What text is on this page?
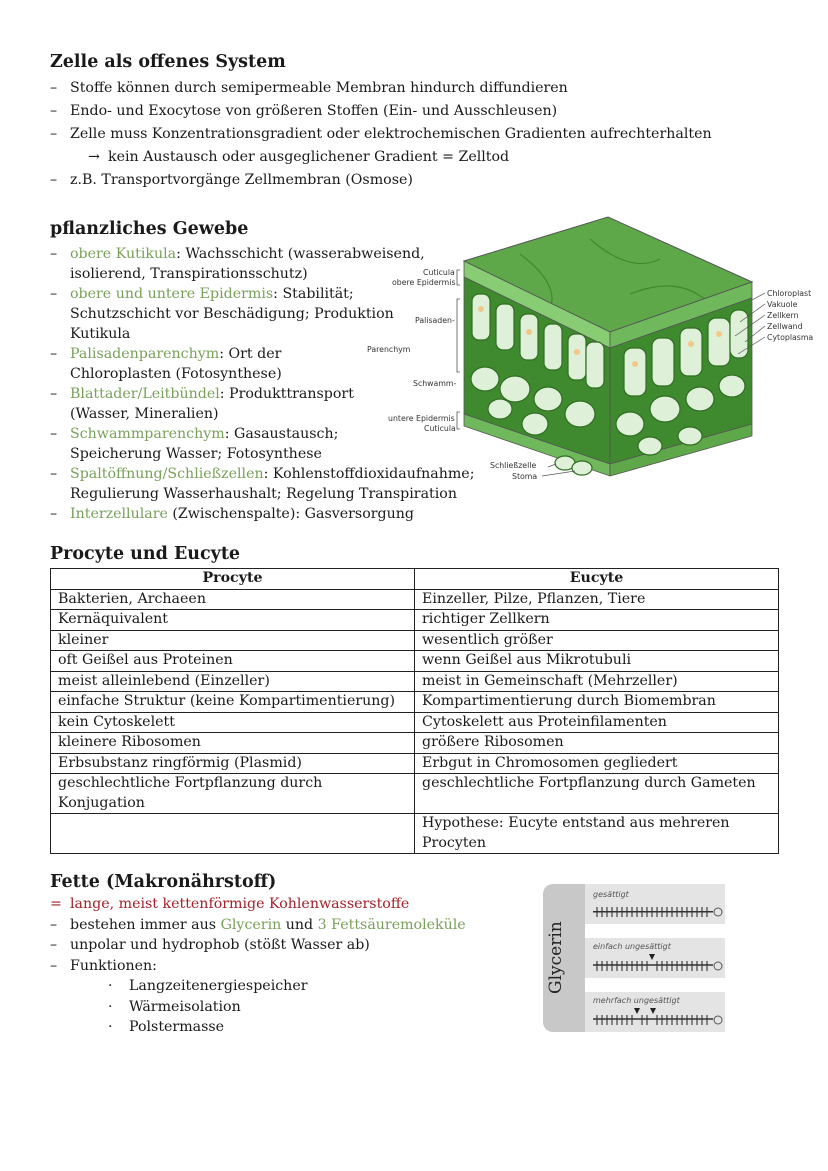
Zelle als offenes System
– Stoffe können durch semipermeable Membran hindurch diffundieren
– Endo- und Exocytose von größeren Stoffen (Ein- und Ausschleusen)
– Zelle muss Konzentrationsgradient oder elektrochemischen Gradienten aufrechterhalten
→ kein Austausch oder ausgeglichener Gradient = Zelltod
– z.B. Transportvorgänge Zellmembran (Osmose)
pflanzliches Gewebe
– obere Kutikula: Wachsschicht (wasserabweisend, isolierend, Transpirationsschutz)
– obere und untere Epidermis: Stabilität; Schutzschicht vor Beschädigung; Produktion Kutikula
– Palisadenparenchym: Ort der Chloroplasten (Fotosynthese)
– Blattader/Leitbündel: Produkttransport (Wasser, Mineralien)
– Schwammparenchym: Gasaustausch; Speicherung Wasser; Fotosynthese
– Spaltöffnung/Schließzellen: Kohlenstoffdioxidaufnahme; Regulierung Wasserhaushalt; Regelung Transpiration
– Interzellulare (Zwischenspalte): Gasversorgung
Cuticula
obere Epidermis
Palisaden-
Parenchym
Schwamm-
untere Epidermis
Cuticula
Schließzelle
Stoma
Chloroplast
Vakuole
Zellkern
Zellwand
Cytoplasma
Procyte und Eucyte
Procyte	Eucyte
Bakterien, Archaeen	Einzeller, Pilze, Pflanzen, Tiere
Kernäquivalent	richtiger Zellkern
kleiner	wesentlich größer
oft Geißel aus Proteinen	wenn Geißel aus Mikrotubuli
meist alleinlebend (Einzeller)	meist in Gemeinschaft (Mehrzeller)
einfache Struktur (keine Kompartimentierung)	Kompartimentierung durch Biomembran
kein Cytoskelett	Cytoskelett aus Proteinfilamenten
kleinere Ribosomen	größere Ribosomen
Erbsubstanz ringförmig (Plasmid)	Erbgut in Chromosomen gegliedert
geschlechtliche Fortpflanzung durch Konjugation	geschlechtliche Fortpflanzung durch Gameten
	Hypothese: Eucyte entstand aus mehreren Procyten
Fette (Makronährstoff)
= lange, meist kettenförmige Kohlenwasserstoffe
– bestehen immer aus Glycerin und 3 Fettsäuremoleküle
– unpolar und hydrophob (stößt Wasser ab)
– Funktionen:
· Langzeitenergiespeicher
· Wärmeisolation
· Polstermasse
Glycerin
gesättigt
einfach ungesättigt
mehrfach ungesättigt
